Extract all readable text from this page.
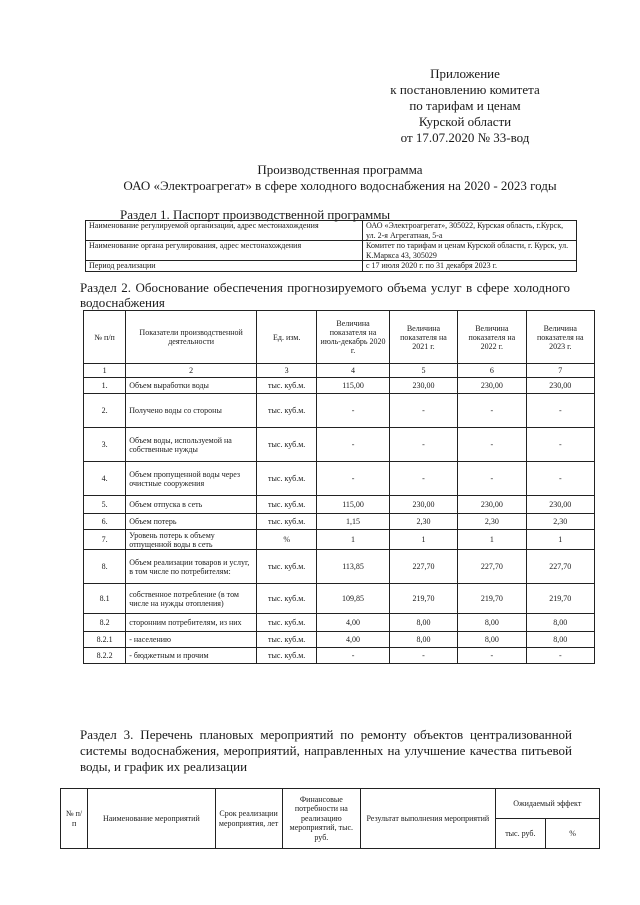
Приложение
к постановлению комитета
по тарифам и ценам
Курской области
от 17.07.2020 № 33-вод
Производственная программа
ОАО «Электроагрегат» в сфере холодного водоснабжения на 2020 - 2023 годы
Раздел 1. Паспорт производственной программы
Наименование регулируемой организации, адрес местонахождения	ОАО «Электроагрегат», 305022, Курская область, г.Курск, ул. 2-я Агрегатная, 5-а
Наименование органа регулирования, адрес местонахождения	Комитет по тарифам и ценам Курской области, г. Курск, ул. К.Маркса 43, 305029
Период реализации	с 17 июля 2020 г. по 31 декабря 2023 г.
Раздел 2. Обоснование обеспечения прогнозируемого объема услуг в сфере холодного водоснабжения
№ п/п	Показатели производственной деятельности	Ед. изм.	Величина показателя на июль-декабрь 2020 г.	Величина показателя на 2021 г.	Величина показателя на 2022 г.	Величина показателя на 2023 г.
1	2	3	4	5	6	7
1.	Объем выработки воды	тыс. куб.м.	115,00	230,00	230,00	230,00
2.	Получено воды со стороны	тыс. куб.м.	-	-	-	-
3.	Объем воды, используемой на собственные нужды	тыс. куб.м.	-	-	-	-
4.	Объем пропущенной воды через очистные сооружения	тыс. куб.м.	-	-	-	-
5.	Объем отпуска в сеть	тыс. куб.м.	115,00	230,00	230,00	230,00
6.	Объем потерь	тыс. куб.м.	1,15	2,30	2,30	2,30
7.	Уровень потерь к объему отпущенной воды в сеть	%	1	1	1	1
8.	Объем реализации товаров и услуг, в том числе по потребителям:	тыс. куб.м.	113,85	227,70	227,70	227,70
8.1	собственное потребление (в том числе на нужды отопления)	тыс. куб.м.	109,85	219,70	219,70	219,70
8.2	сторонним потребителям, из них	тыс. куб.м.	4,00	8,00	8,00	8,00
8.2.1	- населению	тыс. куб.м.	4,00	8,00	8,00	8,00
8.2.2	- бюджетным и прочим	тыс. куб.м.	-	-	-	-
Раздел 3. Перечень плановых мероприятий по ремонту объектов централизованной системы водоснабжения, мероприятий, направленных на улучшение качества питьевой воды, и график их реализации
№ п/ п	Наименование мероприятий	Срок реализации мероприятия, лет	Финансовые потребности на реализацию мероприятий, тыс. руб.	Результат выполнения мероприятий	Ожидаемый эффект	
					тыс. руб.	%
